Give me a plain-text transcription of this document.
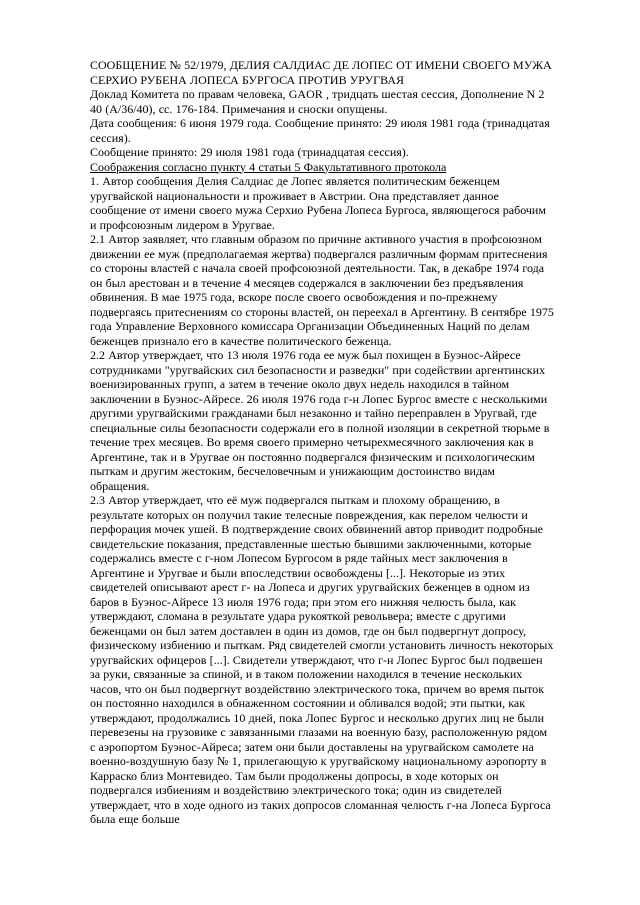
СООБЩЕНИЕ № 52/1979, ДЕЛИЯ САЛДИАС ДЕ ЛОПЕС ОТ ИМЕНИ СВОЕГО МУЖА СЕРХИО РУБЕНА ЛОПЕСА БУРГОСА ПРОТИВ УРУГВАЯ

Доклад Комитета по правам человека, GAOR , тридцать шестая сессия, Дополнение N 2 40 (A/36/40), сс. 176-184. Примечания и сноски опущены.

Дата сообщения: 6 июня 1979 года. Сообщение принято: 29 июля 1981 года (тринадцатая сессия).

Сообщение принято: 29 июля 1981 года (тринадцатая сессия).

Соображения согласно пункту 4 статьи 5 Факультативного протокола

1. Автор сообщения Делия Салдиас де Лопес является политическим беженцем уругвайской национальности и проживает в Австрии. Она представляет данное сообщение от имени своего мужа Серхио Рубена Лопеса Бургоса, являющегося рабочим и профсоюзным лидером в Уругвае.

2.1 Автор заявляет, что главным образом по причине активного участия в профсоюзном движении ее муж (предполагаемая жертва) подвергался различным формам притеснения со стороны властей с начала своей профсоюзной деятельности. Так, в декабре 1974 года он был арестован и в течение 4 месяцев содержался в заключении без предъявления обвинения. В мае 1975 года, вскоре после своего освобождения и по-прежнему подвергаясь притеснениям со стороны властей, он переехал в Аргентину. В сентябре 1975 года Управление Верховного комиссара Организации Объединенных Наций по делам беженцев признало его в качестве политического беженца.

2.2 Автор утверждает, что 13 июля 1976 года ее муж был похищен в Буэнос-Айресе сотрудниками "уругвайских сил безопасности и разведки" при содействии аргентинских военизированных групп, а затем в течение около двух недель находился в тайном заключении в Буэнос-Айресе. 26 июля 1976 года г-н Лопес Бургос вместе с несколькими другими уругвайскими гражданами был незаконно и тайно переправлен в Уругвай, где специальные силы безопасности содержали его в полной изоляции в секретной тюрьме в течение трех месяцев. Во время своего примерно четырехмесячного заключения как в Аргентине, так и в Уругвае он постоянно подвергался физическим и психологическим пыткам и другим жестоким, бесчеловечным и унижающим достоинство видам обращения.

2.3 Автор утверждает, что её муж подвергался пыткам и плохому обращению, в результате которых он получил такие телесные повреждения, как перелом челюсти и перфорация мочек ушей. В подтверждение своих обвинений автор приводит подробные свидетельские показания, представленные шестью бывшими заключенными, которые содержались вместе с г-ном Лопесом Бургосом в ряде тайных мест заключения в Аргентине и Уругвае и были впоследствии освобождены [...]. Некоторые из этих свидетелей описывают арест г- на Лопеса и других уругвайских беженцев в одном из баров в Буэнос-Айресе 13 июля 1976 года; при этом его нижняя челюсть была, как утверждают, сломана в результате удара рукояткой револьвера; вместе с другими беженцами он был затем доставлен в один из домов, где он был подвергнут допросу, физическому избиению и пыткам. Ряд свидетелей смогли установить личность некоторых уругвайских офицеров [...]. Свидетели утверждают, что г-н Лопес Бургос был подвешен за руки, связанные за спиной, и в таком положении находился в течение нескольких часов, что он был подвергнут воздействию электрического тока, причем во время пыток он постоянно находился в обнаженном состоянии и обливался водой; эти пытки, как утверждают, продолжались 10 дней, пока Лопес Бургос и несколько других лиц не были перевезены на грузовике с завязанными глазами на военную базу, расположенную рядом с аэропортом Буэнос-Айреса; затем они были доставлены на уругвайском самолете на военно-воздушную базу № 1, прилегающую к уругвайскому национальному аэропорту в Карраско близ Монтевидео. Там были продолжены допросы, в ходе которых он подвергался избиениям и воздействию электрического тока; один из свидетелей утверждает, что в ходе одного из таких допросов сломанная челюсть г-на Лопеса Бургоса была еще больше
